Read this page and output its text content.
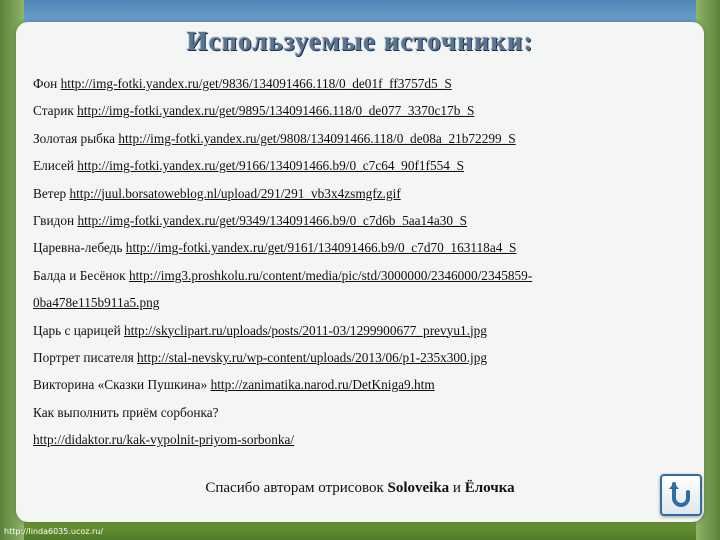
Используемые источники:
Фон http://img-fotki.yandex.ru/get/9836/134091466.118/0_de01f_ff3757d5_S
Старик http://img-fotki.yandex.ru/get/9895/134091466.118/0_de077_3370c17b_S
Золотая рыбка http://img-fotki.yandex.ru/get/9808/134091466.118/0_de08a_21b72299_S
Елисей http://img-fotki.yandex.ru/get/9166/134091466.b9/0_c7c64_90f1f554_S
Ветер http://juul.borsatoweblog.nl/upload/291/291_vb3x4zsmgfz.gif
Гвидон http://img-fotki.yandex.ru/get/9349/134091466.b9/0_c7d6b_5aa14a30_S
Царевна-лебедь http://img-fotki.yandex.ru/get/9161/134091466.b9/0_c7d70_163118a4_S
Балда и Бесёнок http://img3.proshkolu.ru/content/media/pic/std/3000000/2346000/2345859-
0ba478e115b911a5.png
Царь с царицей http://skyclipart.ru/uploads/posts/2011-03/1299900677_prevyu1.jpg
Портрет писателя http://stal-nevsky.ru/wp-content/uploads/2013/06/p1-235x300.jpg
Викторина «Сказки Пушкина» http://zanimatika.narod.ru/DetKniga9.htm
Как выполнить приём сорбонка?
http://didaktor.ru/kak-vypolnit-priyom-sorbonka/
Спасибо авторам отрисовок Soloveika и Ёлочка
http://linda6035.ucoz.ru/
